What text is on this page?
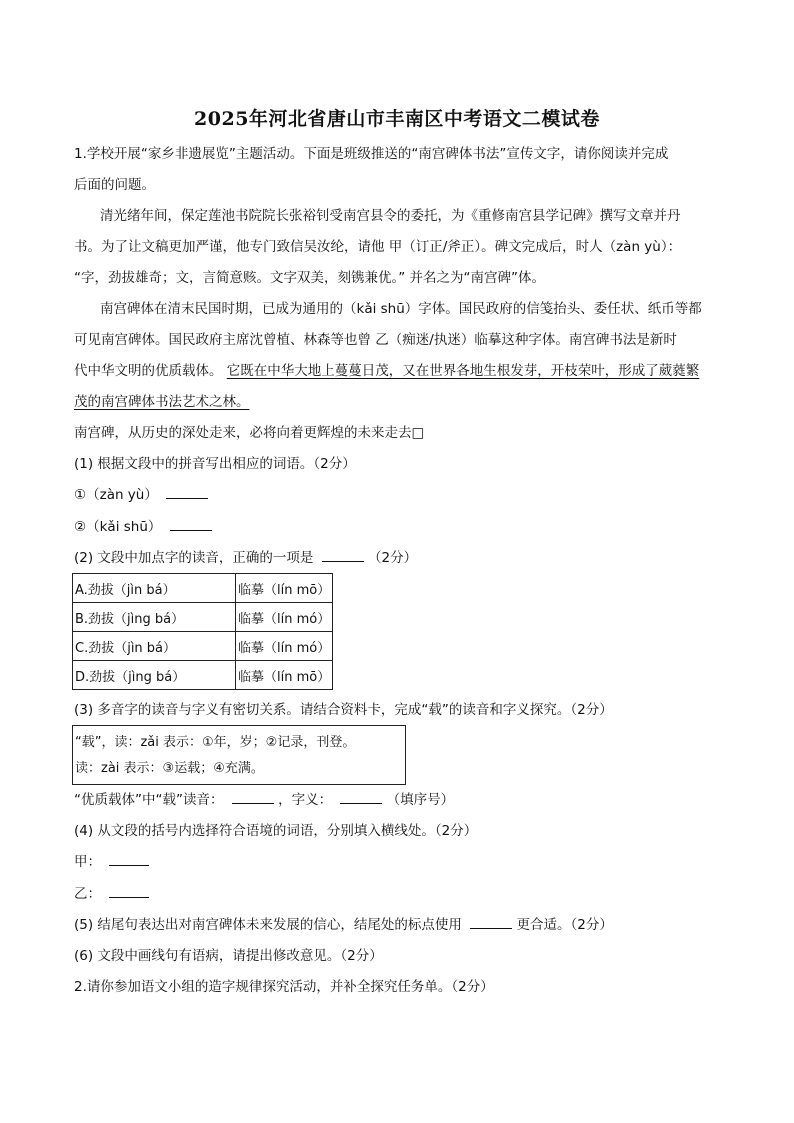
2025年河北省唐山市丰南区中考语文二模试卷
1.学校开展“家乡非遗展览”主题活动。下面是班级推送的“南宫碑体书法”宣传文字，请你阅读并完成
后面的问题。
清光绪年间，保定莲池书院院长张裕钊受南宫县令的委托，为《重修南宫县学记碑》撰写文章并丹
书。为了让文稿更加严谨，他专门致信吴汝纶，请他 甲（订正/斧正）。碑文完成后，时人（zàn yù）：
“字，劲拔雄奇；文，言简意赅。文字双美，刻镌兼优。” 并名之为“南宫碑”体。
南宫碑体在清末民国时期，已成为通用的（kǎi shū）字体。国民政府的信笺抬头、委任状、纸币等都
可见南宫碑体。国民政府主席沈曾植、林森等也曾 乙（痴迷/执迷）临摹这种字体。南宫碑书法是新时
代中华文明的优质载体。 它既在中华大地上蔓蔓日茂，又在世界各地生根发芽，开枝荣叶，形成了葳蕤繁
茂的南宫碑体书法艺术之林。
南宫碑，从历史的深处走来，必将向着更辉煌的未来走去□
(1) 根据文段中的拼音写出相应的词语。（2分）
①（zàn yù）
②（kǎi shū）
(2) 文段中加点字的读音，正确的一项是	（2分）
A.劲拔（jìn bá）	临摹（lín mō）
B.劲拔（jìng bá）	临摹（lín mó）
C.劲拔（jìn bá）	临摹（lín mó）
D.劲拔（jìng bá）	临摹（lín mō）
(3) 多音字的读音与字义有密切关系。请结合资料卡，完成“载”的读音和字义探究。（2分）
“载”，读：zǎi 表示：①年，岁；②记录，刊登。
读：zài 表示：③运载；④充满。
“优质载体”中“载”读音：	，字义：	（填序号）
(4) 从文段的括号内选择符合语境的词语，分别填入横线处。（2分）
甲：
乙：
(5) 结尾句表达出对南宫碑体未来发展的信心，结尾处的标点使用	更合适。（2分）
(6) 文段中画线句有语病，请提出修改意见。（2分）
2.请你参加语文小组的造字规律探究活动，并补全探究任务单。（2分）
